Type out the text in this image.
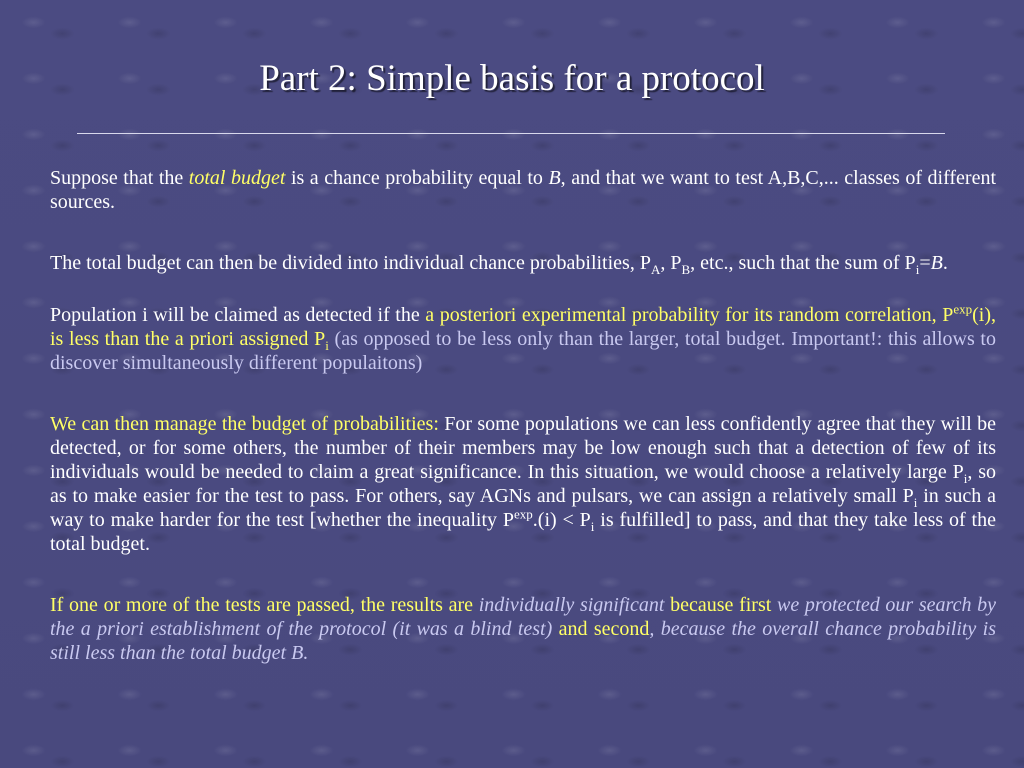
Part 2: Simple basis for a protocol

Suppose that the total budget is a chance probability equal to B, and that we want to test A,B,C,... classes of different sources.

The total budget can then be divided into individual chance probabilities, $P_A$, $P_B$, etc., such that the sum of $P_i=B$.

Population i will be claimed as detected if the a posteriori experimental probability for its random correlation, $P^{exp}(i)$, is less than the a priori assigned $P_i$ (as opposed to be less only than the larger, total budget. Important!: this allows to discover simultaneously different populaitons)

We can then manage the budget of probabilities: For some populations we can less confidently agree that they will be detected, or for some others, the number of their members may be low enough such that a detection of few of its individuals would be needed to claim a great significance. In this situation, we would choose a relatively large $P_i$, so as to make easier for the test to pass. For others, say AGNs and pulsars, we can assign a relatively small $P_i$ in such a way to make harder for the test [whether the inequality $P^{exp}.(i) < P_i$ is fulfilled] to pass, and that they take less of the total budget.

If one or more of the tests are passed, the results are individually significant because first we protected our search by the a priori establishment of the protocol (it was a blind test) and second, because the overall chance probability is still less than the total budget B.
